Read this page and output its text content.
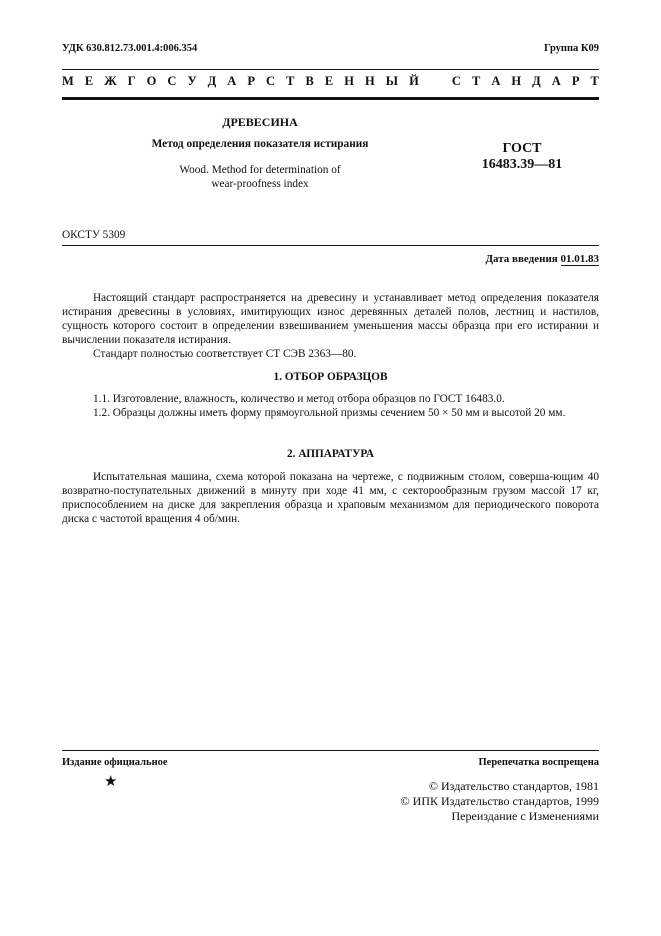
УДК 630.812.73.001.4:006.354	Группа К09
М Е Ж Г О С У Д А Р С Т В Е Н Н Ы Й	С Т А Н Д А Р Т
ДРЕВЕСИНА
Метод определения показателя истирания
Wood. Method for determination of
wear-proofness index
ГОСТ
16483.39—81
ОКСТУ 5309
Дата введения 01.01.83

Настоящий стандарт распространяется на древесину и устанавливает метод определения показателя истирания древесины в условиях, имитирующих износ деревянных деталей полов, лестниц и настилов, сущность которого состоит в определении взвешиванием уменьшения массы образца при его истирании и вычислении показателя истирания.

Стандарт полностью соответствует СТ СЭВ 2363—80.

1. ОТБОР ОБРАЗЦОВ

1.1. Изготовление, влажность, количество и метод отбора образцов по ГОСТ 16483.0.

1.2. Образцы должны иметь форму прямоугольной призмы сечением 50 × 50 мм и высотой 20 мм.

2. АППАРАТУРА

Испытательная машина, схема которой показана на чертеже, с подвижным столом, соверша-ющим 40 возвратно-поступательных движений в минуту при ходе 41 мм, с секторообразным грузом массой 17 кг, приспособлением на диске для закрепления образца и храповым механизмом для периодического поворота диска с частотой вращения 4 об/мин.

Издание официальное	Перепечатка воспрещена
★	© Издательство стандартов, 1981
© ИПК Издательство стандартов, 1999
Переиздание с Изменениями
